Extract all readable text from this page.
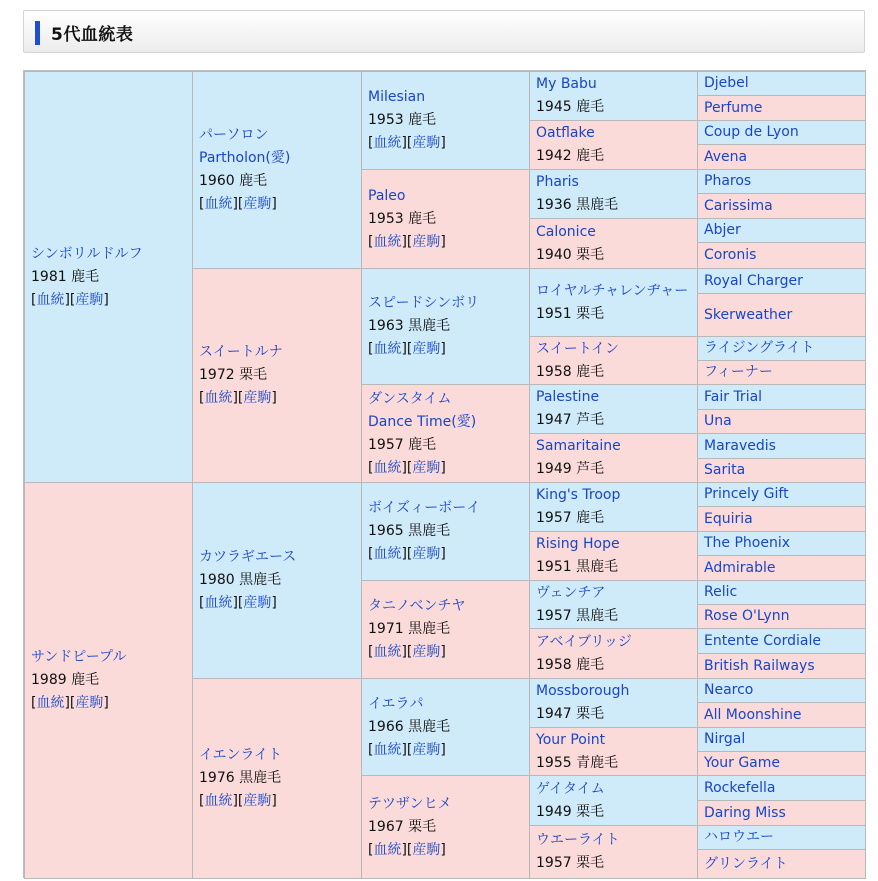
5代血統表
シンボリルドルフ
1981 鹿毛
[血統][産駒]
サンドピープル
1989 鹿毛
[血統][産駒]
パーソロン
Partholon(愛)
1960 鹿毛
[血統][産駒]
スイートルナ
1972 栗毛
[血統][産駒]
カツラギエース
1980 黒鹿毛
[血統][産駒]
イエンライト
1976 黒鹿毛
[血統][産駒]
Milesian
1953 鹿毛
[血統][産駒]
Paleo
1953 鹿毛
[血統][産駒]
スピードシンボリ
1963 黒鹿毛
[血統][産駒]
ダンスタイム
Dance Time(愛)
1957 鹿毛
[血統][産駒]
ボイズィーボーイ
1965 黒鹿毛
[血統][産駒]
タニノベンチヤ
1971 黒鹿毛
[血統][産駒]
イエラパ
1966 黒鹿毛
[血統][産駒]
テツザンヒメ
1967 栗毛
[血統][産駒]
My Babu
1945 鹿毛
Oatflake
1942 鹿毛
Pharis
1936 黒鹿毛
Calonice
1940 栗毛
ロイヤルチャレンヂャー
1951 栗毛
スイートイン
1958 鹿毛
Palestine
1947 芦毛
Samaritaine
1949 芦毛
King's Troop
1957 鹿毛
Rising Hope
1951 黒鹿毛
ヴェンチア
1957 黒鹿毛
アベイブリッジ
1958 鹿毛
Mossborough
1947 栗毛
Your Point
1955 青鹿毛
ゲイタイム
1949 栗毛
ウエーライト
1957 栗毛
Djebel
Perfume
Coup de Lyon
Avena
Pharos
Carissima
Abjer
Coronis
Royal Charger
Skerweather
ライジングライト
フィーナー
Fair Trial
Una
Maravedis
Sarita
Princely Gift
Equiria
The Phoenix
Admirable
Relic
Rose O'Lynn
Entente Cordiale
British Railways
Nearco
All Moonshine
Nirgal
Your Game
Rockefella
Daring Miss
ハロウエー
グリンライト
